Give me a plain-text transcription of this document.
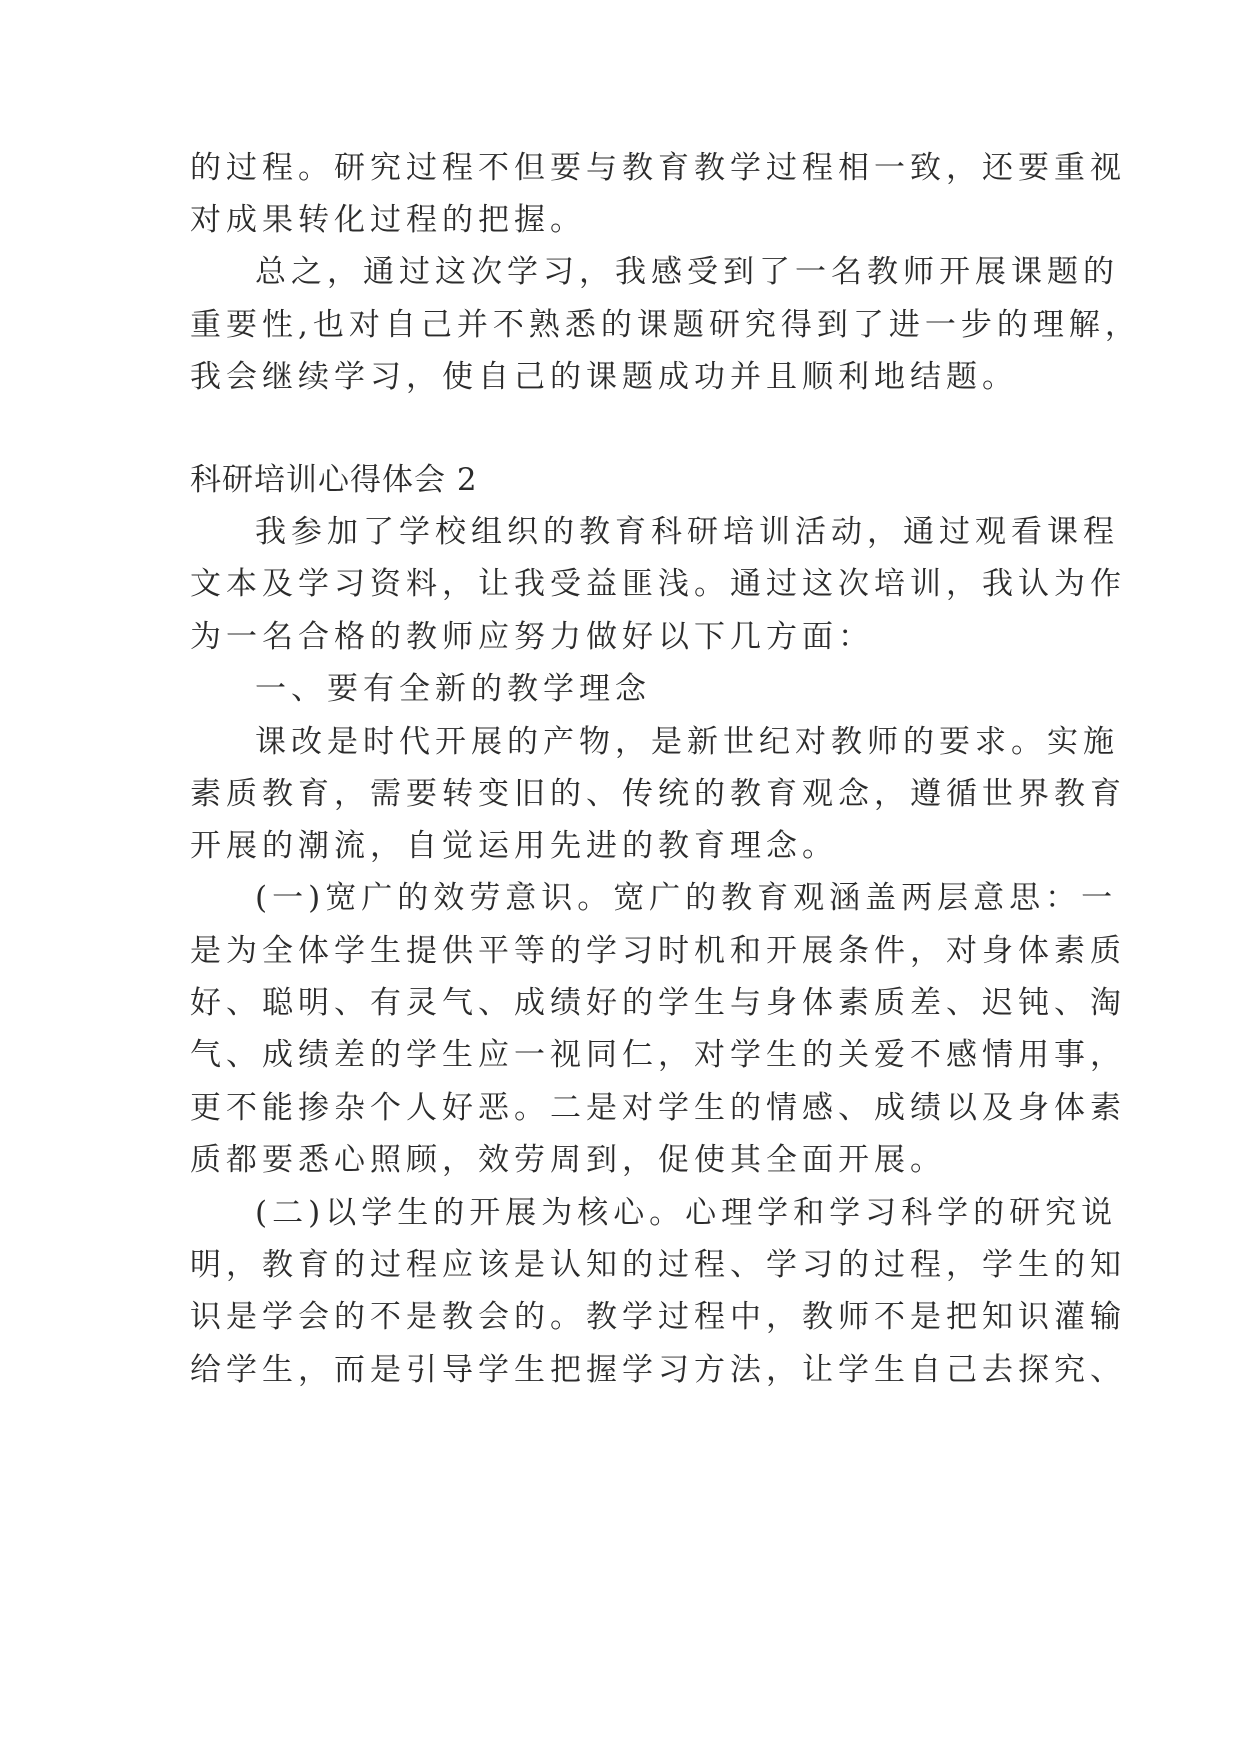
的过程。研究过程不但要与教育教学过程相一致，还要重视
对成果转化过程的把握。
总之，通过这次学习，我感受到了一名教师开展课题的
重要性,也对自己并不熟悉的课题研究得到了进一步的理解，
我会继续学习，使自己的课题成功并且顺利地结题。
科研培训心得体会 2
我参加了学校组织的教育科研培训活动，通过观看课程
文本及学习资料，让我受益匪浅。通过这次培训，我认为作
为一名合格的教师应努力做好以下几方面：
一、要有全新的教学理念
课改是时代开展的产物，是新世纪对教师的要求。实施
素质教育，需要转变旧的、传统的教育观念，遵循世界教育
开展的潮流，自觉运用先进的教育理念。
(一)宽广的效劳意识。宽广的教育观涵盖两层意思：一
是为全体学生提供平等的学习时机和开展条件，对身体素质
好、聪明、有灵气、成绩好的学生与身体素质差、迟钝、淘
气、成绩差的学生应一视同仁，对学生的关爱不感情用事，
更不能掺杂个人好恶。二是对学生的情感、成绩以及身体素
质都要悉心照顾，效劳周到，促使其全面开展。
(二)以学生的开展为核心。心理学和学习科学的研究说
明，教育的过程应该是认知的过程、学习的过程，学生的知
识是学会的不是教会的。教学过程中，教师不是把知识灌输
给学生，而是引导学生把握学习方法，让学生自己去探究、
